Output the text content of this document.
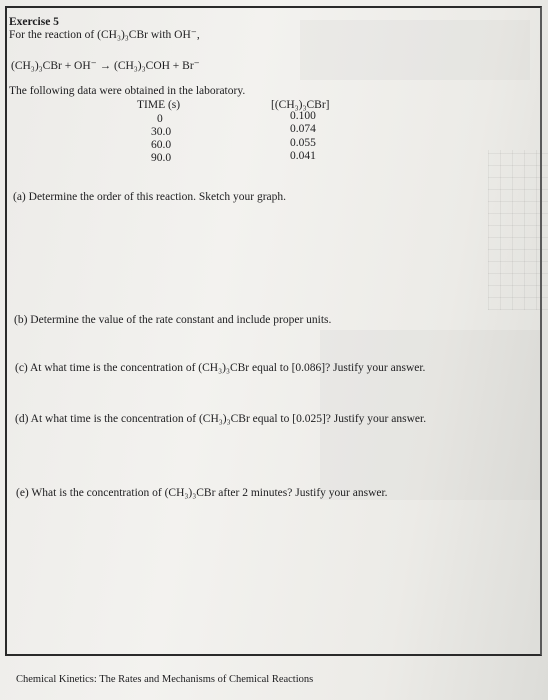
Exercise 5
For the reaction of (CH₃)₃CBr with OH⁻,
(CH₃)₃CBr + OH⁻ → (CH₃)₃COH + Br⁻
The following data were obtained in the laboratory.
TIME (s)	[(CH₃)₃CBr]
0	0.100
30.0	0.074
60.0	0.055
90.0	0.041
(a) Determine the order of this reaction. Sketch your graph.
(b) Determine the value of the rate constant and include proper units.
(c) At what time is the concentration of (CH₃)₃CBr equal to [0.086]? Justify your answer.
(d) At what time is the concentration of (CH₃)₃CBr equal to [0.025]? Justify your answer.
(e) What is the concentration of (CH₃)₃CBr after 2 minutes? Justify your answer.
Chemical Kinetics: The Rates and Mechanisms of Chemical Reactions
